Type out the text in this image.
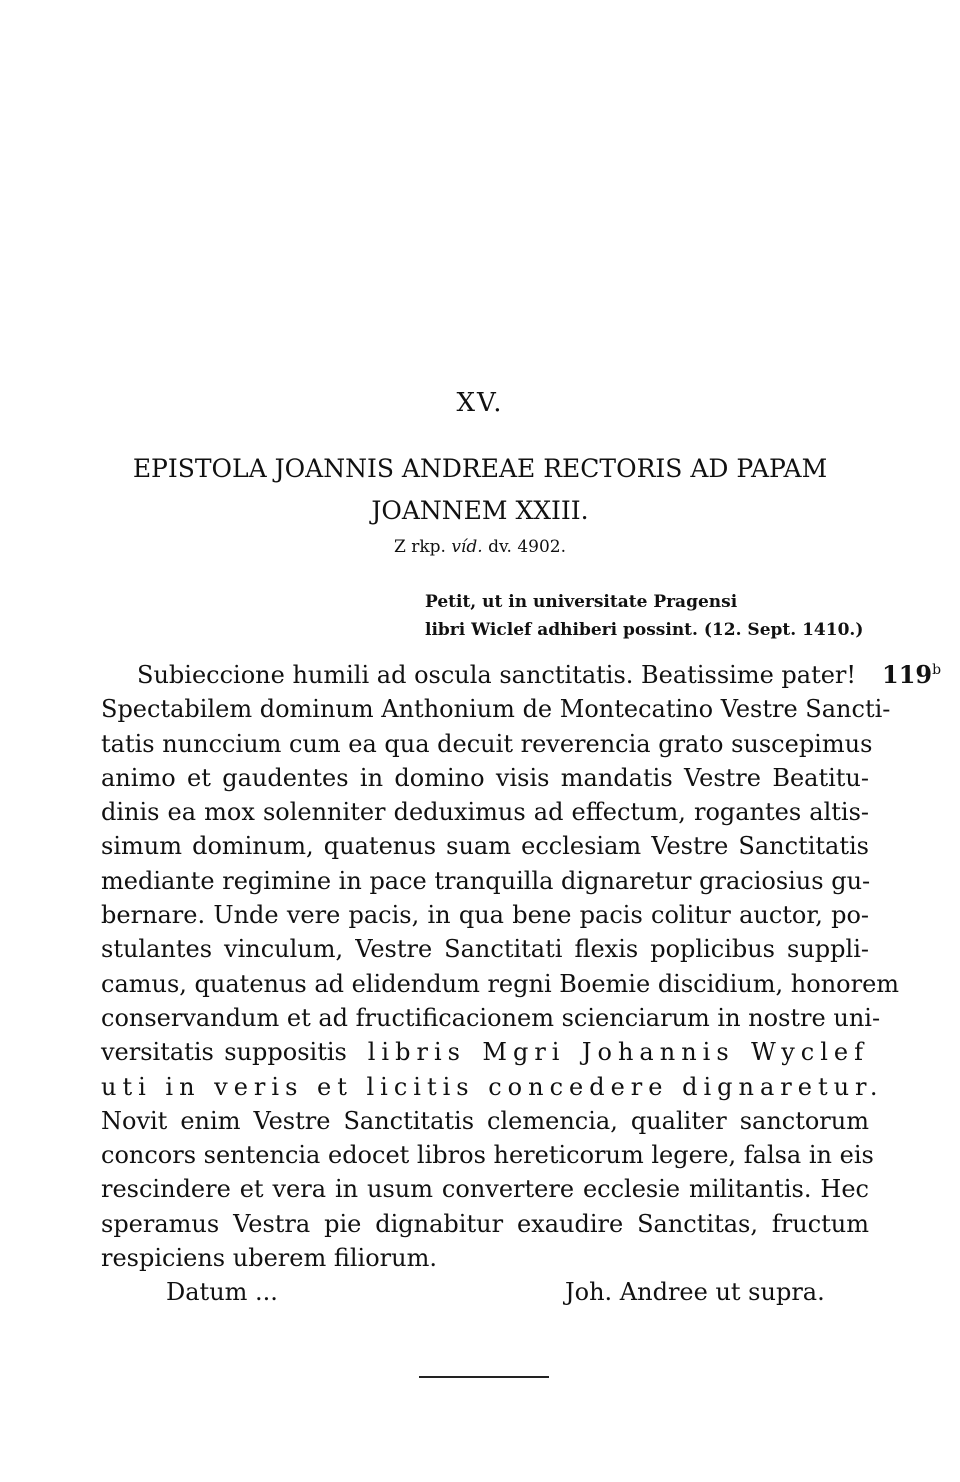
XV.
EPISTOLA JOANNIS ANDREAE RECTORIS AD PAPAM
JOANNEM XXIII.
Z rkp. víd. dv. 4902.
Petit, ut in universitate Pragensi
libri Wiclef adhiberi possint. (12. Sept. 1410.)
119$^b$
Subieccione humili ad oscula sanctitatis. Beatissime pater!
Spectabilem dominum Anthonium de Montecatino Vestre Sancti-
tatis nunccium cum ea qua decuit reverencia grato suscepimus
animo et gaudentes in domino visis mandatis Vestre Beatitu-
dinis ea mox solenniter deduximus ad effectum, rogantes altis-
simum dominum, quatenus suam ecclesiam Vestre Sanctitatis
mediante regimine in pace tranquilla dignaretur graciosius gu-
bernare. Unde vere pacis, in qua bene pacis colitur auctor, po-
stulantes vinculum, Vestre Sanctitati flexis poplicibus suppli-
camus, quatenus ad elidendum regni Boemie discidium, honorem
conservandum et ad fructificacionem scienciarum in nostre uni-
versitatis suppositis libris Mgri Johannis Wyclef
uti in veris et licitis concedere dignaretur.
Novit enim Vestre Sanctitatis clemencia, qualiter sanctorum
concors sentencia edocet libros hereticorum legere, falsa in eis
rescindere et vera in usum convertere ecclesie militantis. Hec
speramus Vestra pie dignabitur exaudire Sanctitas, fructum
respiciens uberem filiorum.
Datum ...	Joh. Andree ut supra.
